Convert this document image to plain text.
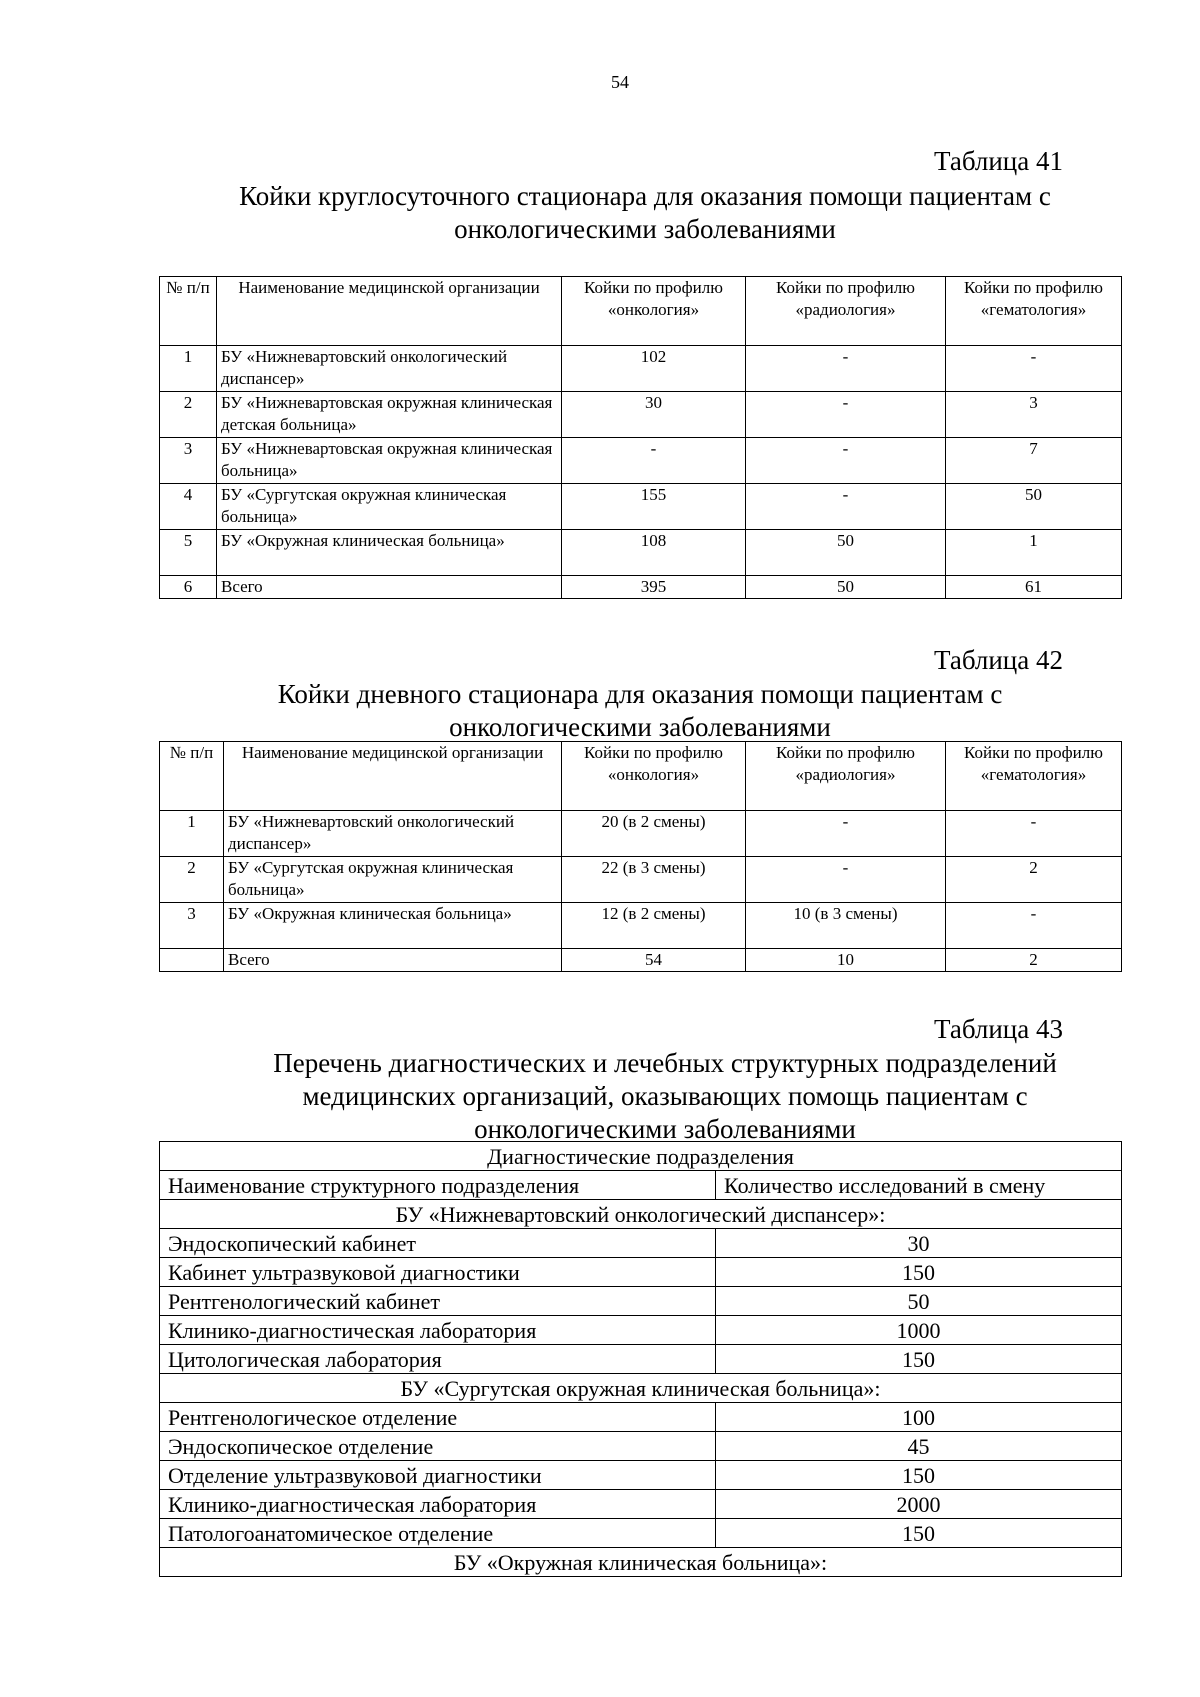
54
Таблица 41
Койки круглосуточного стационара для оказания помощи пациентам с онкологическими заболеваниями
№ п/п	Наименование медицинской организации	Койки по профилю «онкология»	Койки по профилю «радиология»	Койки по профилю «гематология»
1	БУ «Нижневартовский онкологический диспансер»	102	-	-
2	БУ «Нижневартовская окружная клиническая детская больница»	30	-	3
3	БУ «Нижневартовская окружная клиническая больница»	-	-	7
4	БУ «Сургутская окружная клиническая больница»	155	-	50
5	БУ «Окружная клиническая больница»	108	50	1
6	Всего	395	50	61
Таблица 42
Койки дневного стационара для оказания помощи пациентам с онкологическими заболеваниями
№ п/п	Наименование медицинской организации	Койки по профилю «онкология»	Койки по профилю «радиология»	Койки по профилю «гематология»
1	БУ «Нижневартовский онкологический диспансер»	20 (в 2 смены)	-	-
2	БУ «Сургутская окружная клиническая больница»	22 (в 3 смены)	-	2
3	БУ «Окружная клиническая больница»	12 (в 2 смены)	10 (в 3 смены)	-
	Всего	54	10	2
Таблица 43
Перечень диагностических и лечебных структурных подразделений медицинских организаций, оказывающих помощь пациентам с онкологическими заболеваниями
Диагностические подразделения	
Наименование структурного подразделения	Количество исследований в смену
БУ «Нижневартовский онкологический диспансер»:	
Эндоскопический кабинет	30
Кабинет ультразвуковой диагностики	150
Рентгенологический кабинет	50
Клинико-диагностическая лаборатория	1000
Цитологическая лаборатория	150
БУ «Сургутская окружная клиническая больница»:	
Рентгенологическое отделение	100
Эндоскопическое отделение	45
Отделение ультразвуковой диагностики	150
Клинико-диагностическая лаборатория	2000
Патологоанатомическое отделение	150
БУ «Окружная клиническая больница»:	
